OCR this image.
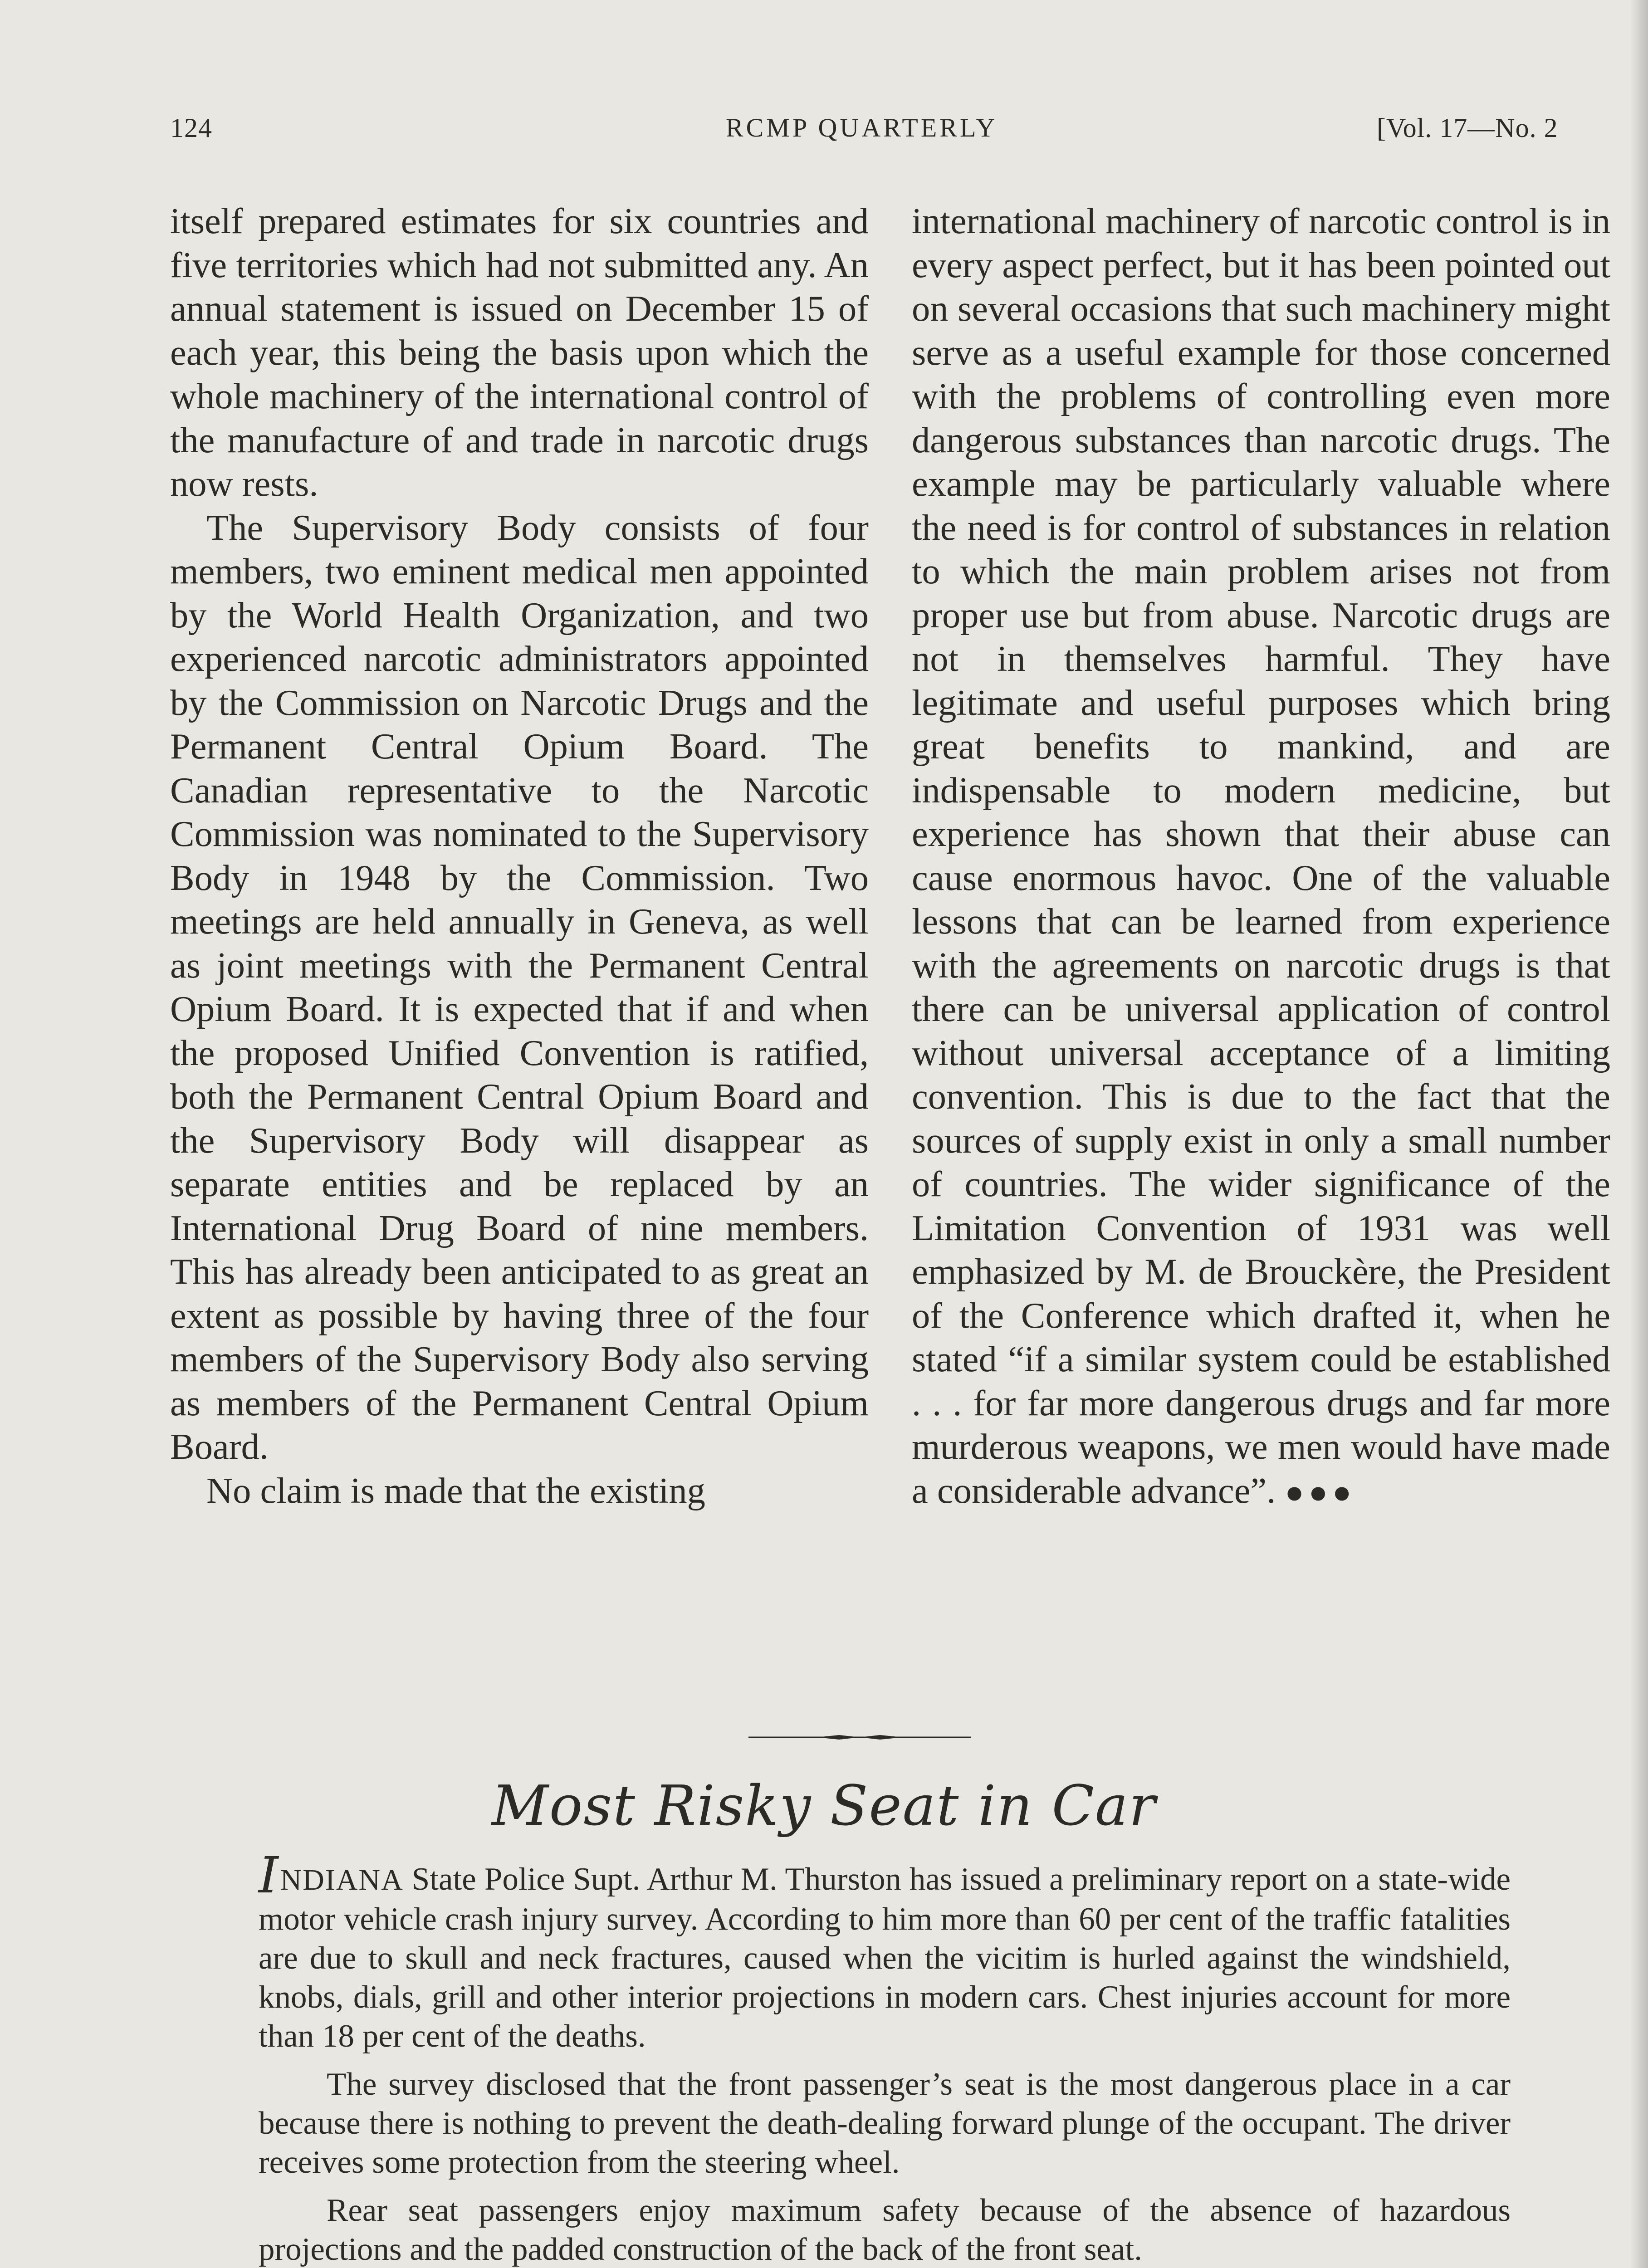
124	RCMP QUARTERLY	[Vol. 17—No. 2

itself prepared estimates for six countries and five territories which had not submitted any. An annual statement is issued on December 15 of each year, this being the basis upon which the whole machinery of the international control of the manufacture of and trade in narcotic drugs now rests.

The Supervisory Body consists of four members, two eminent medical men appointed by the World Health Organization, and two experienced narcotic administrators appointed by the Commission on Narcotic Drugs and the Permanent Central Opium Board. The Canadian representative to the Narcotic Commission was nominated to the Supervisory Body in 1948 by the Commission. Two meetings are held annually in Geneva, as well as joint meetings with the Permanent Central Opium Board. It is expected that if and when the proposed Unified Convention is ratified, both the Permanent Central Opium Board and the Supervisory Body will disappear as separate entities and be replaced by an International Drug Board of nine members. This has already been anticipated to as great an extent as possible by having three of the four members of the Supervisory Body also serving as members of the Permanent Central Opium Board.

No claim is made that the existing

international machinery of narcotic control is in every aspect perfect, but it has been pointed out on several occasions that such machinery might serve as a useful example for those concerned with the problems of controlling even more dangerous substances than narcotic drugs. The example may be particularly valuable where the need is for control of substances in relation to which the main problem arises not from proper use but from abuse. Narcotic drugs are not in themselves harmful. They have legitimate and useful purposes which bring great benefits to mankind, and are indispensable to modern medicine, but experience has shown that their abuse can cause enormous havoc. One of the valuable lessons that can be learned from experience with the agreements on narcotic drugs is that there can be universal application of control without universal acceptance of a limiting convention. This is due to the fact that the sources of supply exist in only a small number of countries. The wider significance of the Limitation Convention of 1931 was well emphasized by M. de Brouckère, the President of the Conference which drafted it, when he stated “if a similar system could be established . . . for far more dangerous drugs and far more murderous weapons, we men would have made a considerable advance”. ●●●

Most Risky Seat in Car

INDIANA State Police Supt. Arthur M. Thurston has issued a preliminary report on a state-wide motor vehicle crash injury survey. According to him more than 60 per cent of the traffic fatalities are due to skull and neck fractures, caused when the vicitim is hurled against the windshield, knobs, dials, grill and other interior projections in modern cars. Chest injuries account for more than 18 per cent of the deaths.

The survey disclosed that the front passenger’s seat is the most dangerous place in a car because there is nothing to prevent the death-dealing forward plunge of the occupant. The driver receives some protection from the steering wheel.

Rear seat passengers enjoy maximum safety because of the absence of hazardous projections and the padded construction of the back of the front seat.
